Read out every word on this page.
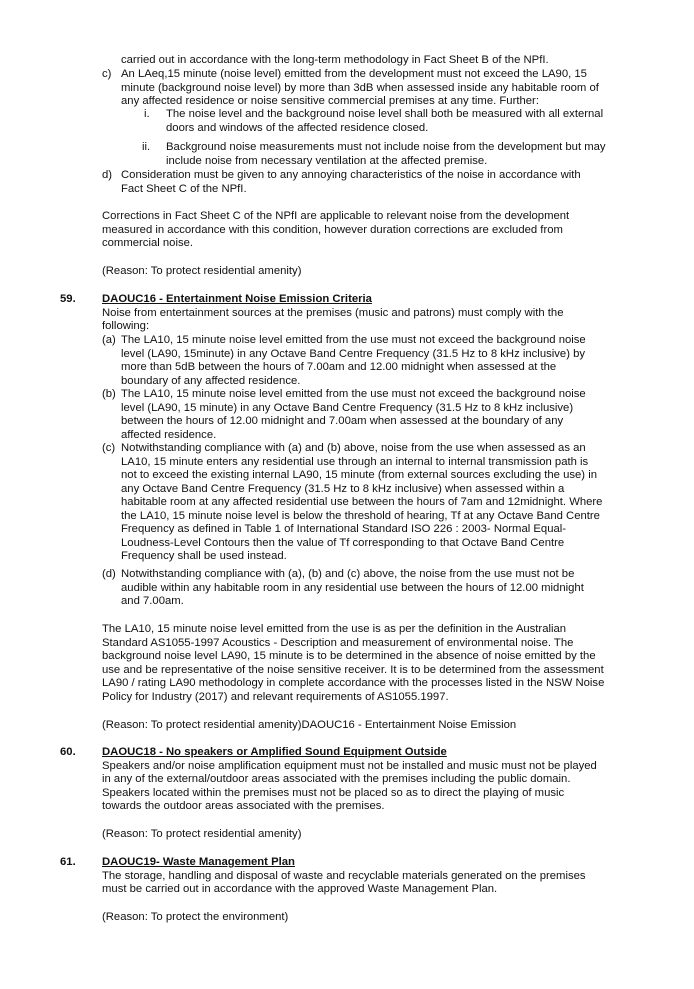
carried out in accordance with the long-term methodology in Fact Sheet B of the NPfI.
c) An LAeq,15 minute (noise level) emitted from the development must not exceed the LA90, 15
minute (background noise level) by more than 3dB when assessed inside any habitable room of
any affected residence or noise sensitive commercial premises at any time. Further:
i. The noise level and the background noise level shall both be measured with all external
doors and windows of the affected residence closed.
ii. Background noise measurements must not include noise from the development but may
include noise from necessary ventilation at the affected premise.
d) Consideration must be given to any annoying characteristics of the noise in accordance with
Fact Sheet C of the NPfI.
Corrections in Fact Sheet C of the NPfI are applicable to relevant noise from the development
measured in accordance with this condition, however duration corrections are excluded from
commercial noise.
(Reason: To protect residential amenity)
59. DAOUC16 - Entertainment Noise Emission Criteria
Noise from entertainment sources at the premises (music and patrons) must comply with the
following:
(a) The LA10, 15 minute noise level emitted from the use must not exceed the background noise
level (LA90, 15minute) in any Octave Band Centre Frequency (31.5 Hz to 8 kHz inclusive) by
more than 5dB between the hours of 7.00am and 12.00 midnight when assessed at the
boundary of any affected residence.
(b) The LA10, 15 minute noise level emitted from the use must not exceed the background noise
level (LA90, 15 minute) in any Octave Band Centre Frequency (31.5 Hz to 8 kHz inclusive)
between the hours of 12.00 midnight and 7.00am when assessed at the boundary of any
affected residence.
(c) Notwithstanding compliance with (a) and (b) above, noise from the use when assessed as an
LA10, 15 minute enters any residential use through an internal to internal transmission path is
not to exceed the existing internal LA90, 15 minute (from external sources excluding the use) in
any Octave Band Centre Frequency (31.5 Hz to 8 kHz inclusive) when assessed within a
habitable room at any affected residential use between the hours of 7am and 12midnight. Where
the LA10, 15 minute noise level is below the threshold of hearing, Tf at any Octave Band Centre
Frequency as defined in Table 1 of International Standard ISO 226 : 2003- Normal Equal-
Loudness-Level Contours then the value of Tf corresponding to that Octave Band Centre
Frequency shall be used instead.
(d) Notwithstanding compliance with (a), (b) and (c) above, the noise from the use must not be
audible within any habitable room in any residential use between the hours of 12.00 midnight
and 7.00am.
The LA10, 15 minute noise level emitted from the use is as per the definition in the Australian
Standard AS1055-1997 Acoustics - Description and measurement of environmental noise. The
background noise level LA90, 15 minute is to be determined in the absence of noise emitted by the
use and be representative of the noise sensitive receiver. It is to be determined from the assessment
LA90 / rating LA90 methodology in complete accordance with the processes listed in the NSW Noise
Policy for Industry (2017) and relevant requirements of AS1055.1997.
(Reason: To protect residential amenity)DAOUC16 - Entertainment Noise Emission
60. DAOUC18 - No speakers or Amplified Sound Equipment Outside
Speakers and/or noise amplification equipment must not be installed and music must not be played
in any of the external/outdoor areas associated with the premises including the public domain.
Speakers located within the premises must not be placed so as to direct the playing of music
towards the outdoor areas associated with the premises.
(Reason: To protect residential amenity)
61. DAOUC19- Waste Management Plan
The storage, handling and disposal of waste and recyclable materials generated on the premises
must be carried out in accordance with the approved Waste Management Plan.
(Reason: To protect the environment)
